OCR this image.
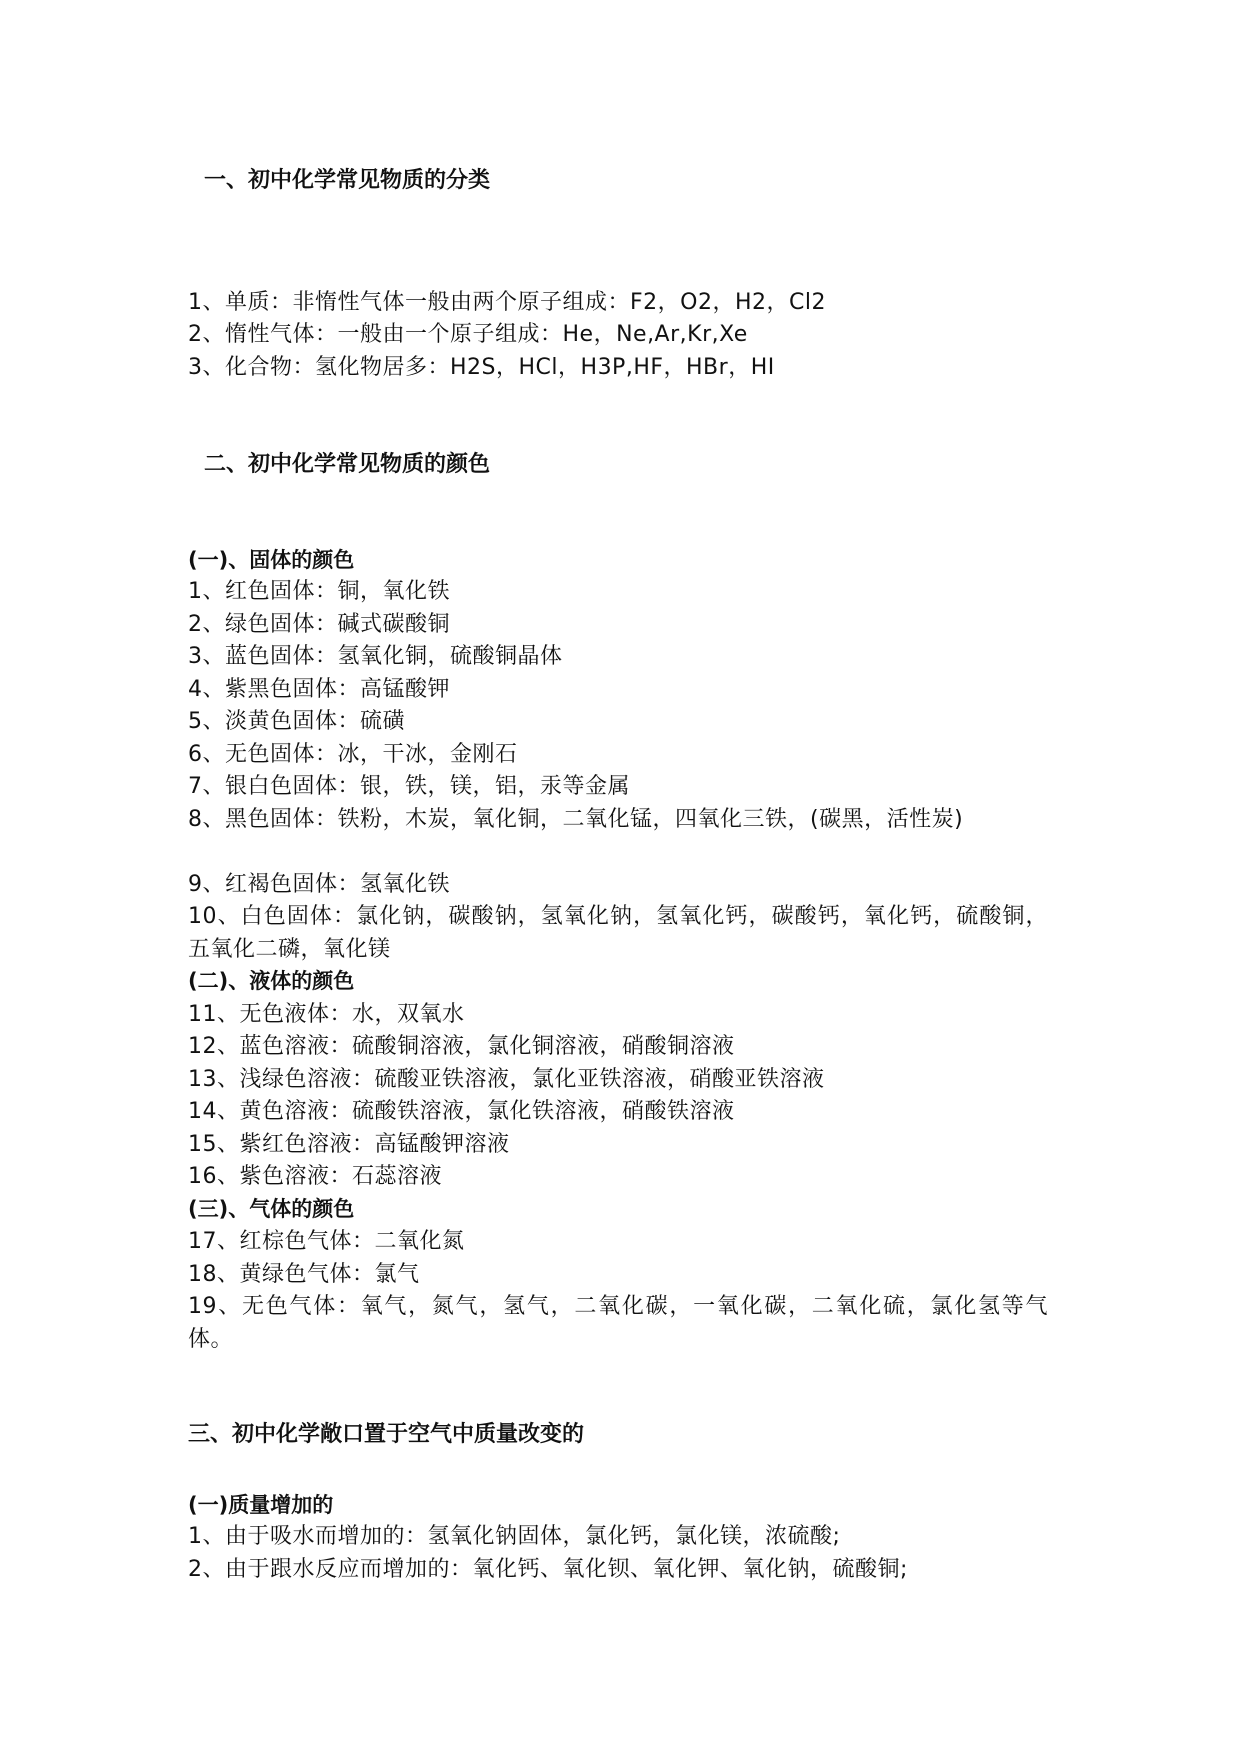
一、初中化学常见物质的分类
1、单质：非惰性气体一般由两个原子组成：F2，O2，H2，Cl2
2、惰性气体：一般由一个原子组成：He，Ne,Ar,Kr,Xe
3、化合物：氢化物居多：H2S，HCl，H3P,HF，HBr，HI
二、初中化学常见物质的颜色
(一)、固体的颜色
1、红色固体：铜，氧化铁
2、绿色固体：碱式碳酸铜
3、蓝色固体：氢氧化铜，硫酸铜晶体
4、紫黑色固体：高锰酸钾
5、淡黄色固体：硫磺
6、无色固体：冰，干冰，金刚石
7、银白色固体：银，铁，镁，铝，汞等金属
8、黑色固体：铁粉，木炭，氧化铜，二氧化锰，四氧化三铁，(碳黑，活性炭)
9、红褐色固体：氢氧化铁
10、白色固体：氯化钠，碳酸钠，氢氧化钠，氢氧化钙，碳酸钙，氧化钙，硫酸铜，五氧化二磷，氧化镁
(二)、液体的颜色
11、无色液体：水，双氧水
12、蓝色溶液：硫酸铜溶液，氯化铜溶液，硝酸铜溶液
13、浅绿色溶液：硫酸亚铁溶液，氯化亚铁溶液，硝酸亚铁溶液
14、黄色溶液：硫酸铁溶液，氯化铁溶液，硝酸铁溶液
15、紫红色溶液：高锰酸钾溶液
16、紫色溶液：石蕊溶液
(三)、气体的颜色
17、红棕色气体：二氧化氮
18、黄绿色气体：氯气
19、无色气体：氧气，氮气，氢气，二氧化碳，一氧化碳，二氧化硫，氯化氢等气体。
三、初中化学敞口置于空气中质量改变的
(一)质量增加的
1、由于吸水而增加的：氢氧化钠固体，氯化钙，氯化镁，浓硫酸;
2、由于跟水反应而增加的：氧化钙、氧化钡、氧化钾、氧化钠，硫酸铜;
